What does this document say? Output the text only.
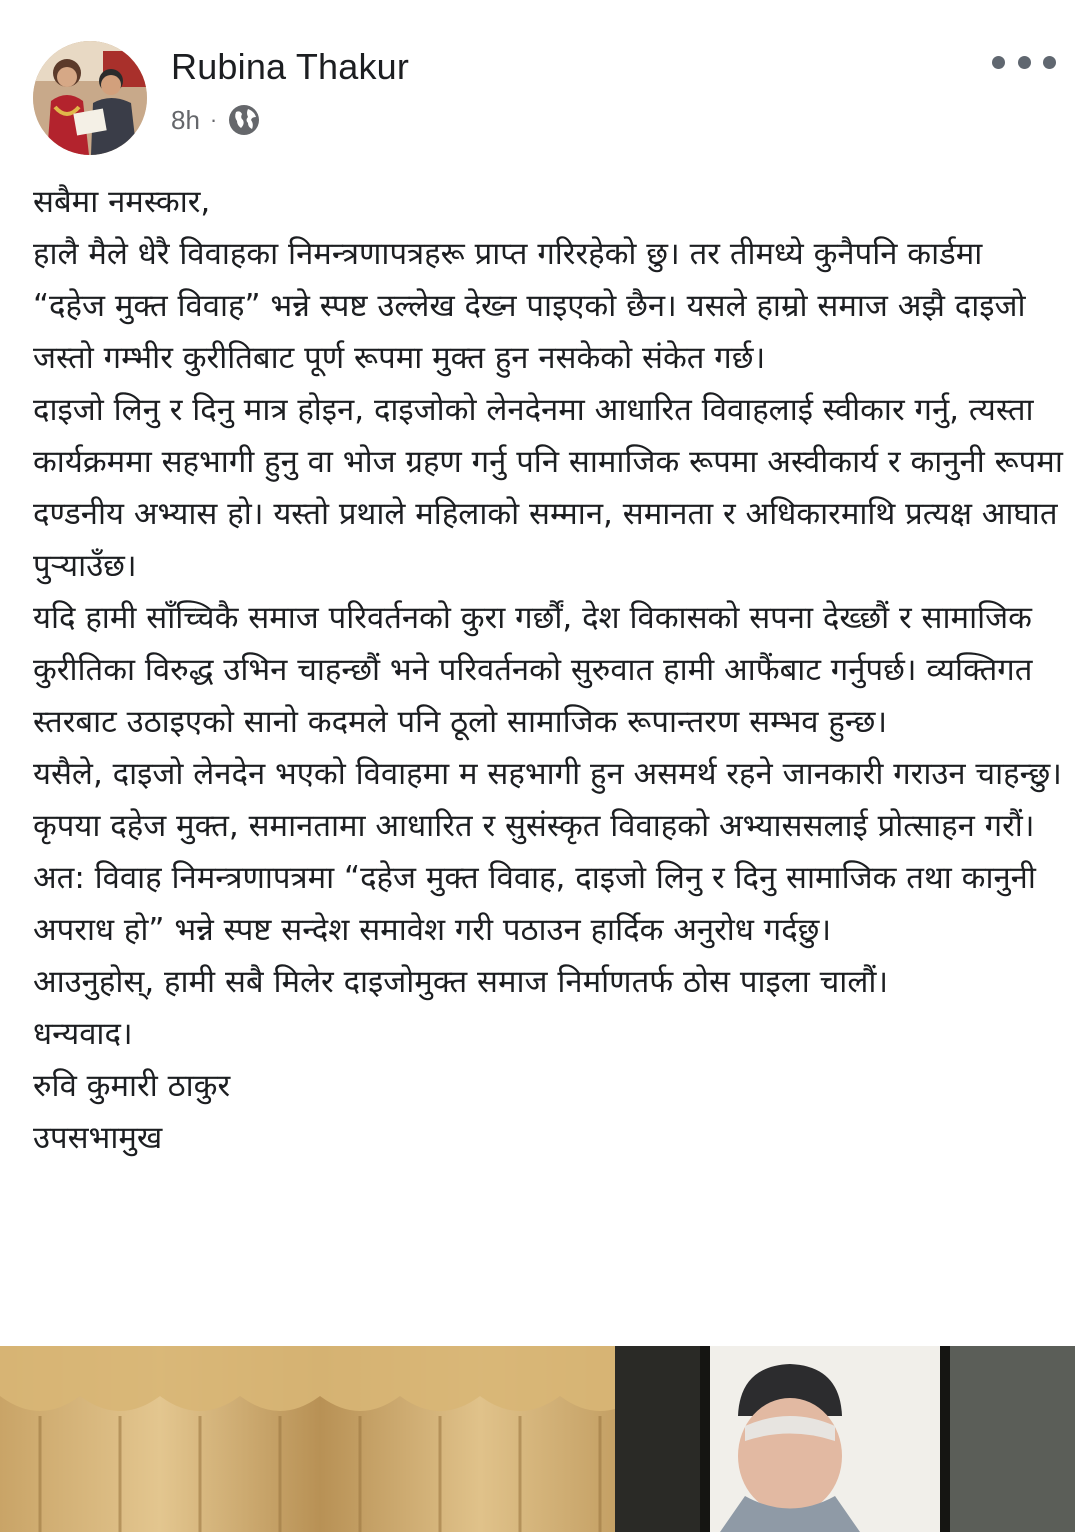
Rubina Thakur
8h ·

सबैमा नमस्कार,

हालै मैले धेरै विवाहका निमन्त्रणापत्रहरू प्राप्त गरिरहेको छु। तर तीमध्ये कुनैपनि कार्डमा “दहेज मुक्त विवाह” भन्ने स्पष्ट उल्लेख देख्न पाइएको छैन। यसले हाम्रो समाज अझै दाइजो जस्तो गम्भीर कुरीतिबाट पूर्ण रूपमा मुक्त हुन नसकेको संकेत गर्छ।

दाइजो लिनु र दिनु मात्र होइन, दाइजोको लेनदेनमा आधारित विवाहलाई स्वीकार गर्नु, त्यस्ता कार्यक्रममा सहभागी हुनु वा भोज ग्रहण गर्नु पनि सामाजिक रूपमा अस्वीकार्य र कानुनी रूपमा दण्डनीय अभ्यास हो। यस्तो प्रथाले महिलाको सम्मान, समानता र अधिकारमाथि प्रत्यक्ष आघात पुर्‍याउँछ।

यदि हामी साँच्चिकै समाज परिवर्तनको कुरा गर्छौं, देश विकासको सपना देख्छौं र सामाजिक कुरीतिका विरुद्ध उभिन चाहन्छौं भने परिवर्तनको सुरुवात हामी आफैंबाट गर्नुपर्छ। व्यक्तिगत स्तरबाट उठाइएको सानो कदमले पनि ठूलो सामाजिक रूपान्तरण सम्भव हुन्छ।

यसैले, दाइजो लेनदेन भएको विवाहमा म सहभागी हुन असमर्थ रहने जानकारी गराउन चाहन्छु। कृपया दहेज मुक्त, समानतामा आधारित र सुसंस्कृत विवाहको अभ्याससलाई प्रोत्साहन गरौं।

अत: विवाह निमन्त्रणापत्रमा “दहेज मुक्त विवाह, दाइजो लिनु र दिनु सामाजिक तथा कानुनी अपराध हो” भन्ने स्पष्ट सन्देश समावेश गरी पठाउन हार्दिक अनुरोध गर्दछु।

आउनुहोस्, हामी सबै मिलेर दाइजोमुक्त समाज निर्माणतर्फ ठोस पाइला चालौं।

धन्यवाद।

रुवि कुमारी ठाकुर

उपसभामुख
